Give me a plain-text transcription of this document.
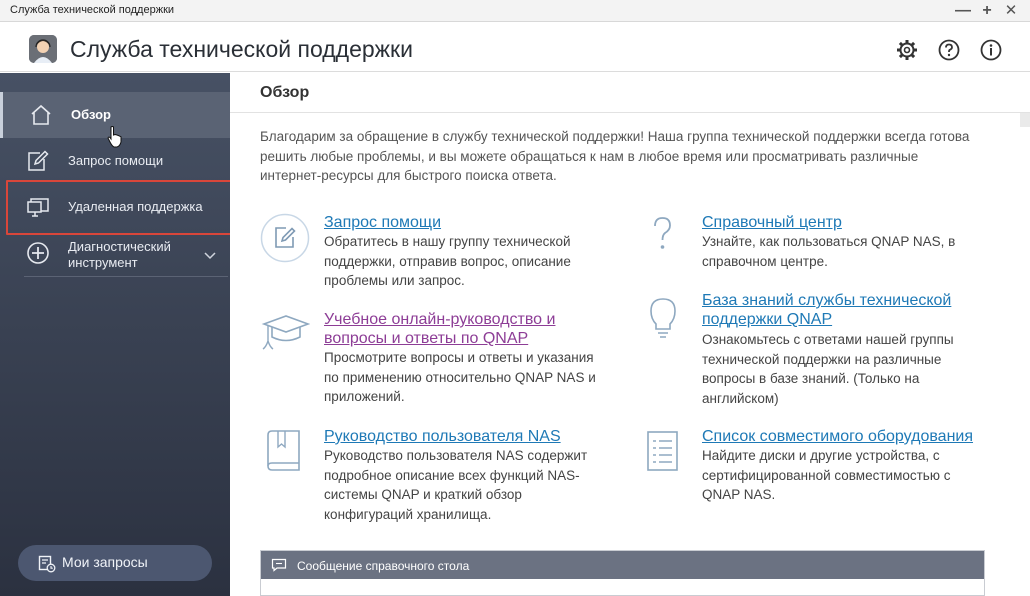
Служба технической поддержки	— + ✕
Служба технической поддержки
Обзор
Запрос помощи
Удаленная поддержка
Диагностический инструмент
Мои запросы
Обзор
Благодарим за обращение в службу технической поддержки! Наша группа технической поддержки всегда готова решить любые проблемы, и вы можете обращаться к нам в любое время или просматривать различные интернет-ресурсы для быстрого поиска ответа.
Запрос помощи
Обратитесь в нашу группу технической поддержки, отправив вопрос, описание проблемы или запрос.
Справочный центр
Узнайте, как пользоваться QNAP NAS, в справочном центре.
Учебное онлайн-руководство и вопросы и ответы по QNAP
Просмотрите вопросы и ответы и указания по применению относительно QNAP NAS и приложений.
База знаний службы технической поддержки QNAP
Ознакомьтесь с ответами нашей группы технической поддержки на различные вопросы в базе знаний. (Только на английском)
Руководство пользователя NAS
Руководство пользователя NAS содержит подробное описание всех функций NAS-системы QNAP и краткий обзор конфигураций хранилища.
Список совместимого оборудования
Найдите диски и другие устройства, с сертифицированной совместимостью с QNAP NAS.
Сообщение справочного стола
